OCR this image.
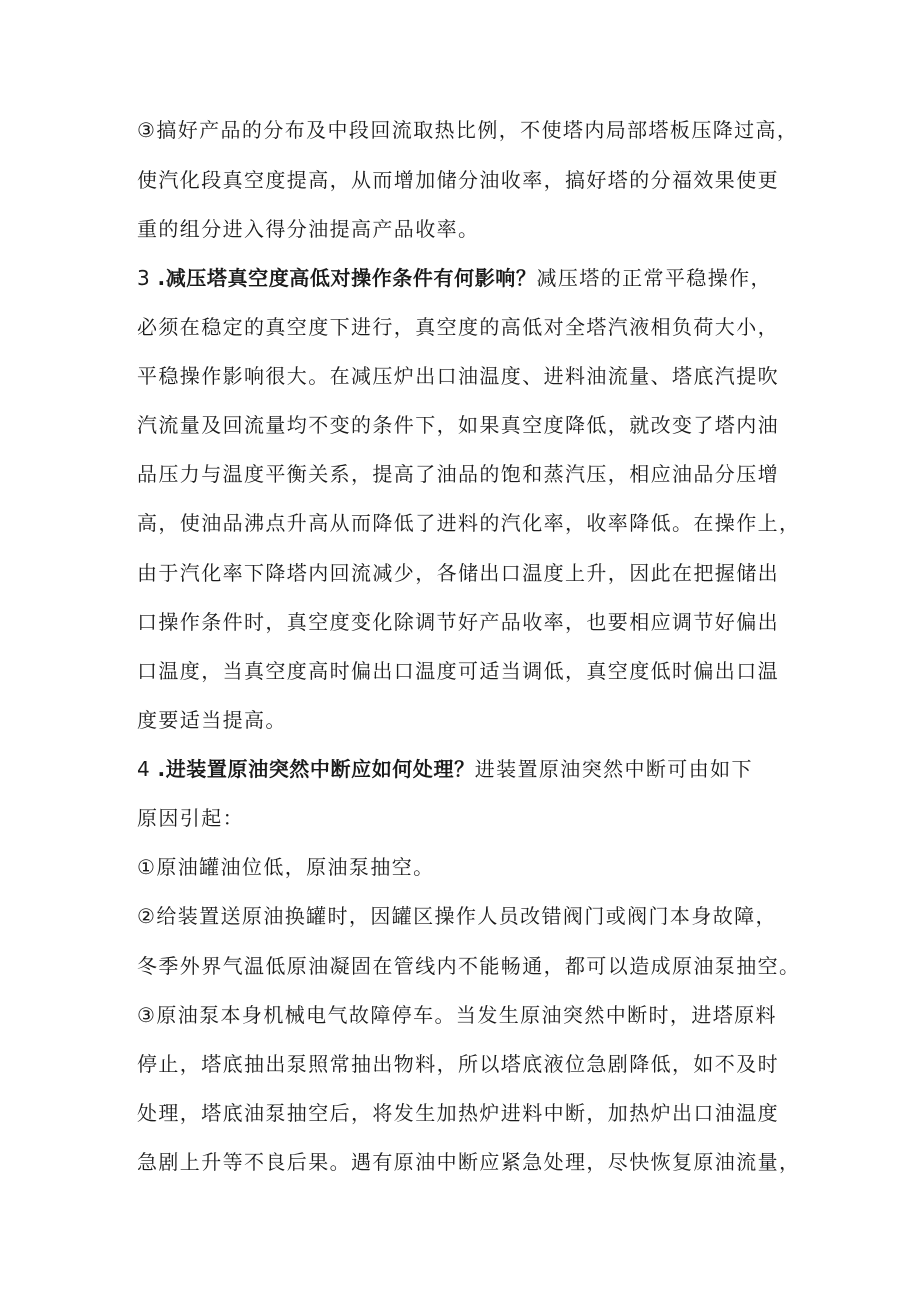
③搞好产品的分布及中段回流取热比例，不使塔内局部塔板压降过高，
使汽化段真空度提高，从而增加储分油收率，搞好塔的分福效果使更
重的组分进入得分油提高产品收率。
3 .减压塔真空度高低对操作条件有何影响？减压塔的正常平稳操作，
必须在稳定的真空度下进行，真空度的高低对全塔汽液相负荷大小，
平稳操作影响很大。在减压炉出口油温度、进料油流量、塔底汽提吹
汽流量及回流量均不变的条件下，如果真空度降低，就改变了塔内油
品压力与温度平衡关系，提高了油品的饱和蒸汽压，相应油品分压增
高，使油品沸点升高从而降低了进料的汽化率，收率降低。在操作上，
由于汽化率下降塔内回流减少，各储出口温度上升，因此在把握储出
口操作条件时，真空度变化除调节好产品收率，也要相应调节好偏出
口温度，当真空度高时偏出口温度可适当调低，真空度低时偏出口温
度要适当提高。
4 .进装置原油突然中断应如何处理？进装置原油突然中断可由如下
原因引起：
①原油罐油位低，原油泵抽空。
②给装置送原油换罐时，因罐区操作人员改错阀门或阀门本身故障，
冬季外界气温低原油凝固在管线内不能畅通，都可以造成原油泵抽空。
③原油泵本身机械电气故障停车。当发生原油突然中断时，进塔原料
停止，塔底抽出泵照常抽出物料，所以塔底液位急剧降低，如不及时
处理，塔底油泵抽空后，将发生加热炉进料中断，加热炉出口油温度
急剧上升等不良后果。遇有原油中断应紧急处理，尽快恢复原油流量，
